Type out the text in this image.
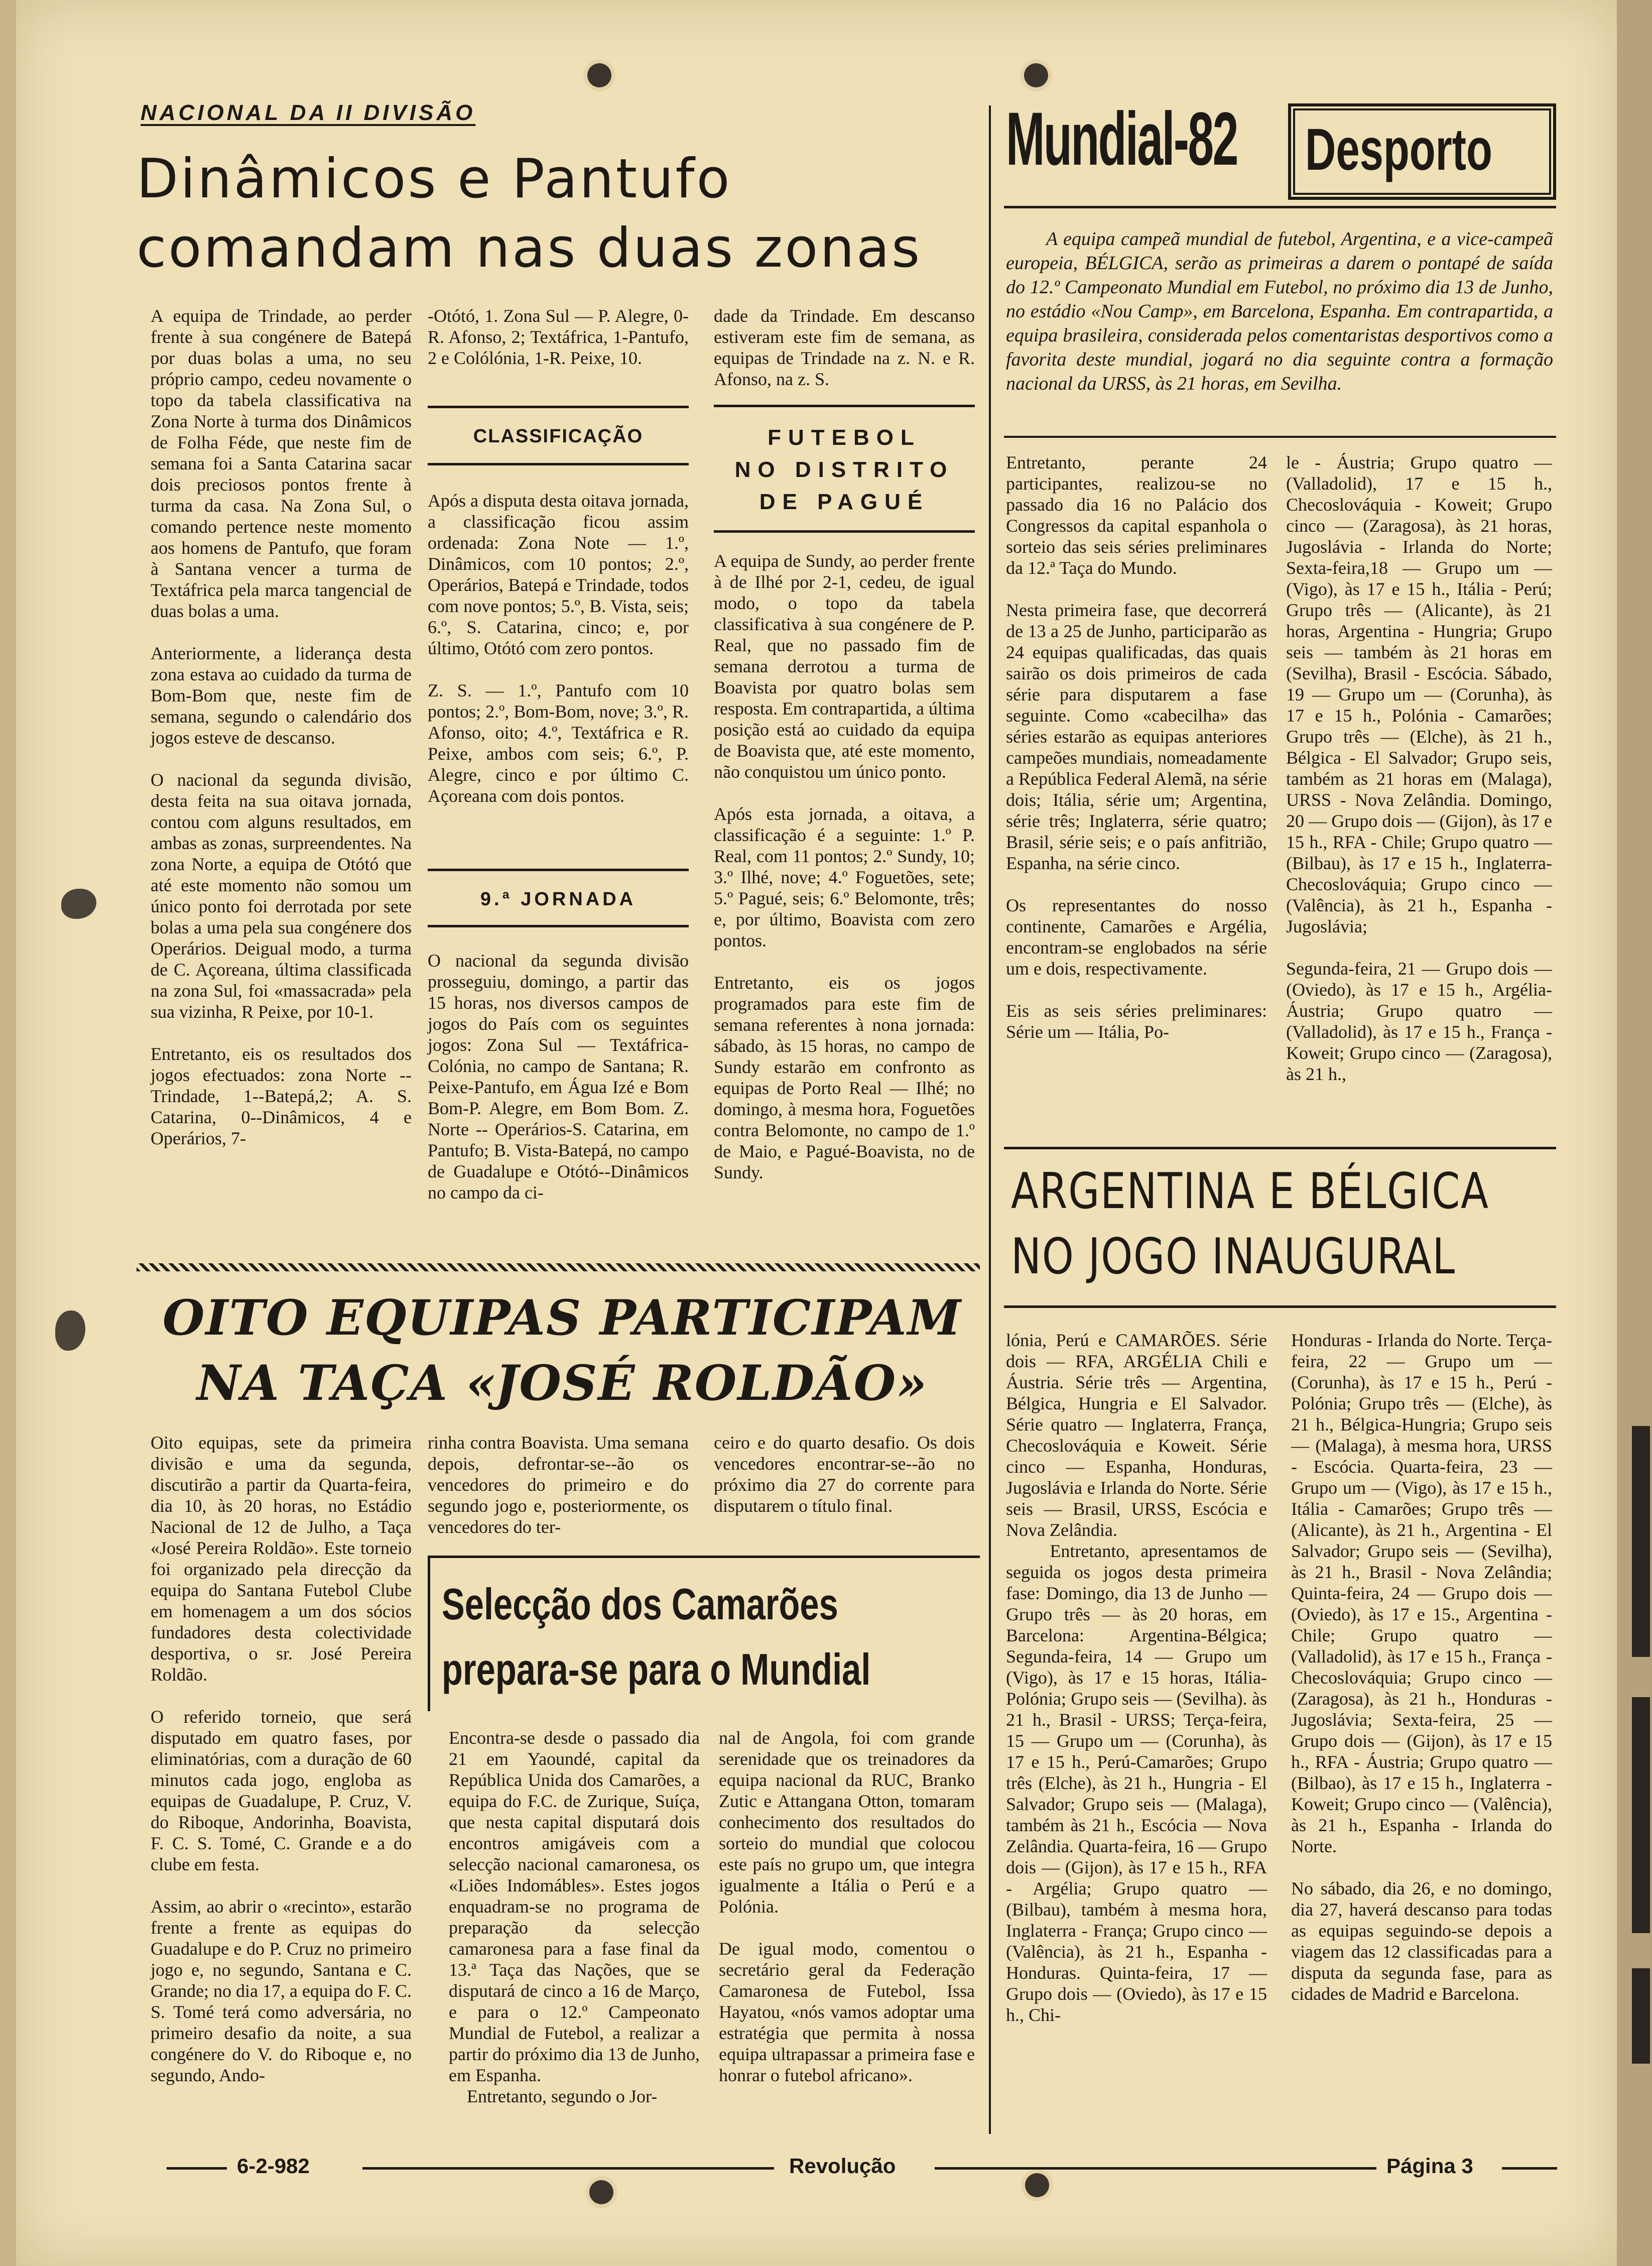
NACIONAL DA II DIVISÃO
Dinâmicos e Pantufo
comandam nas duas zonas
A equipa de Trindade, ao perder frente à sua congénere de Batepá por duas bolas a uma, no seu próprio campo, cedeu novamente o topo da tabela classificativa na Zona Norte à turma dos Dinâmicos de Folha Féde, que neste fim de semana foi a Santa Catarina sacar dois preciosos pontos frente à turma da casa. Na Zona Sul, o comando pertence neste momento aos homens de Pantufo, que foram à Santana vencer a turma de Textáfrica pela marca tangencial de duas bolas a uma.

Anteriormente, a liderança desta zona estava ao cuidado da turma de Bom-Bom que, neste fim de semana, segundo o calendário dos jogos esteve de descanso.

O nacional da segunda divisão, desta feita na sua oitava jornada, contou com alguns resultados, em ambas as zonas, surpreendentes. Na zona Norte, a equipa de Otótó que até este momento não somou um único ponto foi derrotada por sete bolas a uma pela sua congénere dos Operários. Deigual modo, a turma de C. Açoreana, última classificada na zona Sul, foi «massacrada» pela sua vizinha, R Peixe, por 10-1.

Entretanto, eis os resultados dos jogos efectuados: zona Norte -- Trindade, 1--Batepá,2; A. S. Catarina, 0--Dinâmicos, 4 e Operários, 7-
-Otótó, 1. Zona Sul — P. Alegre, 0-R. Afonso, 2; Textáfrica, 1-Pantufo, 2 e Colólónia, 1-R. Peixe, 10.
CLASSIFICAÇÃO
Após a disputa desta oitava jornada, a classificação ficou assim ordenada: Zona Note — 1.º, Dinâmicos, com 10 pontos; 2.º, Operários, Batepá e Trindade, todos com nove pontos; 5.º, B. Vista, seis; 6.º, S. Catarina, cinco; e, por último, Otótó com zero pontos.

Z. S. — 1.º, Pantufo com 10 pontos; 2.º, Bom-Bom, nove; 3.º, R. Afonso, oito; 4.º, Textáfrica e R. Peixe, ambos com seis; 6.º, P. Alegre, cinco e por último C. Açoreana com dois pontos.
9.ª JORNADA
O nacional da segunda divisão prosseguiu, domingo, a partir das 15 horas, nos diversos campos de jogos do País com os seguintes jogos: Zona Sul — Textáfrica-Colónia, no campo de Santana; R. Peixe-Pantufo, em Água Izé e Bom Bom-P. Alegre, em Bom Bom. Z. Norte -- Operários-S. Catarina, em Pantufo; B. Vista-Batepá, no campo de Guadalupe e Otótó--Dinâmicos no campo da ci-
dade da Trindade. Em descanso estiveram este fim de semana, as equipas de Trindade na z. N. e R. Afonso, na z. S.
FUTEBOL
NO DISTRITO
DE PAGUÉ
A equipa de Sundy, ao perder frente à de Ilhé por 2-1, cedeu, de igual modo, o topo da tabela classificativa à sua congénere de P. Real, que no passado fim de semana derrotou a turma de Boavista por quatro bolas sem resposta. Em contrapartida, a última posição está ao cuidado da equipa de Boavista que, até este momento, não conquistou um único ponto.

Após esta jornada, a oitava, a classificação é a seguinte: 1.º P. Real, com 11 pontos; 2.º Sundy, 10; 3.º Ilhé, nove; 4.º Foguetões, sete; 5.º Pagué, seis; 6.º Belomonte, três; e, por último, Boavista com zero pontos.

Entretanto, eis os jogos programados para este fim de semana referentes à nona jornada: sábado, às 15 horas, no campo de Sundy estarão em confronto as equipas de Porto Real — Ilhé; no domingo, à mesma hora, Foguetões contra Belomonte, no campo de 1.º de Maio, e Pagué-Boavista, no de Sundy.
OITO EQUIPAS PARTICIPAM
NA TAÇA «JOSÉ ROLDÃO»
Oito equipas, sete da primeira divisão e uma da segunda, discutirão a partir da Quarta-feira, dia 10, às 20 horas, no Estádio Nacional de 12 de Julho, a Taça «José Pereira Roldão». Este torneio foi organizado pela direcção da equipa do Santana Futebol Clube em homenagem a um dos sócios fundadores desta colectividade desportiva, o sr. José Pereira Roldão.

O referido torneio, que será disputado em quatro fases, por eliminatórias, com a duração de 60 minutos cada jogo, engloba as equipas de Guadalupe, P. Cruz, V. do Riboque, Andorinha, Boavista, F. C. S. Tomé, C. Grande e a do clube em festa.

Assim, ao abrir o «recinto», estarão frente a frente as equipas do Guadalupe e do P. Cruz no primeiro jogo e, no segundo, Santana e C. Grande; no dia 17, a equipa do F. C. S. Tomé terá como adversária, no primeiro desafio da noite, a sua congénere do V. do Riboque e, no segundo, Ando-
rinha contra Boavista. Uma semana depois, defrontar-se--ão os vencedores do primeiro e do segundo jogo e, posteriormente, os vencedores do ter-
ceiro e do quarto desafio. Os dois vencedores encontrar-se--ão no próximo dia 27 do corrente para disputarem o título final.
Selecção dos Camarões
prepara-se para o Mundial
Encontra-se desde o passado dia 21 em Yaoundé, capital da República Unida dos Camarões, a equipa do F.C. de Zurique, Suíça, que nesta capital disputará dois encontros amigáveis com a selecção nacional camaronesa, os «Liões Indomábles». Estes jogos enquadram-se no programa de preparação da selecção camaronesa para a fase final da 13.ª Taça das Nações, que se disputará de cinco a 16 de Março, e para o 12.º Campeonato Mundial de Futebol, a realizar a partir do próximo dia 13 de Junho, em Espanha.
Entretanto, segundo o Jor-
nal de Angola, foi com grande serenidade que os treinadores da equipa nacional da RUC, Branko Zutic e Attangana Otton, tomaram conhecimento dos resultados do sorteio do mundial que colocou este país no grupo um, que integra igualmente a Itália o Perú e a Polónia.

De igual modo, comentou o secretário geral da Federação Camaronesa de Futebol, Issa Hayatou, «nós vamos adoptar uma estratégia que permita à nossa equipa ultrapassar a primeira fase e honrar o futebol africano».
Mundial-82 Desporto
A equipa campeã mundial de futebol, Argentina, e a vice-campeã europeia, BÉLGICA, serão as primeiras a darem o pontapé de saída do 12.º Campeonato Mundial em Futebol, no próximo dia 13 de Junho, no estádio «Nou Camp», em Barcelona, Espanha. Em contrapartida, a equipa brasileira, considerada pelos comentaristas desportivos como a favorita deste mundial, jogará no dia seguinte contra a formação nacional da URSS, às 21 horas, em Sevilha.
Entretanto, perante 24 participantes, realizou-se no passado dia 16 no Palácio dos Congressos da capital espanhola o sorteio das seis séries preliminares da 12.ª Taça do Mundo.

Nesta primeira fase, que decorrerá de 13 a 25 de Junho, participarão as 24 equipas qualificadas, das quais sairão os dois primeiros de cada série para disputarem a fase seguinte. Como «cabecilha» das séries estarão as equipas anteriores campeões mundiais, nomeadamente a República Federal Alemã, na série dois; Itália, série um; Argentina, série três; Inglaterra, série quatro; Brasil, série seis; e o país anfitrião, Espanha, na série cinco.

Os representantes do nosso continente, Camarões e Argélia, encontram-se englobados na série um e dois, respectivamente.

Eis as seis séries preliminares: Série um — Itália, Po-
le - Áustria; Grupo quatro — (Valladolid), 17 e 15 h., Checoslováquia - Koweit; Grupo cinco — (Zaragosa), às 21 horas, Jugoslávia - Irlanda do Norte; Sexta-feira,18 — Grupo um — (Vigo), às 17 e 15 h., Itália - Perú; Grupo três — (Alicante), às 21 horas, Argentina - Hungria; Grupo seis — também às 21 horas em (Sevilha), Brasil - Escócia. Sábado, 19 — Grupo um — (Corunha), às 17 e 15 h., Polónia - Camarões; Grupo três — (Elche), às 21 h., Bélgica - El Salvador; Grupo seis, também as 21 horas em (Malaga), URSS - Nova Zelândia. Domingo, 20 — Grupo dois — (Gijon), às 17 e 15 h., RFA - Chile; Grupo quatro — (Bilbau), às 17 e 15 h., Inglaterra-Checoslováquia; Grupo cinco — (Valência), às 21 h., Espanha - Jugoslávia;

Segunda-feira, 21 — Grupo dois — (Oviedo), às 17 e 15 h., Argélia-Áustria; Grupo quatro — (Valladolid), às 17 e 15 h., França - Koweit; Grupo cinco — (Zaragosa), às 21 h.,
ARGENTINA E BÉLGICA
NO JOGO INAUGURAL
lónia, Perú e CAMARÕES. Série dois — RFA, ARGÉLIA Chili e Áustria. Série três — Argentina, Bélgica, Hungria e El Salvador. Série quatro — Inglaterra, França, Checoslováquia e Koweit. Série cinco — Espanha, Honduras, Jugoslávia e Irlanda do Norte. Série seis — Brasil, URSS, Escócia e Nova Zelândia.
Entretanto, apresentamos de seguida os jogos desta primeira fase: Domingo, dia 13 de Junho — Grupo três — às 20 horas, em Barcelona: Argentina-Bélgica; Segunda-feira, 14 — Grupo um (Vigo), às 17 e 15 horas, Itália-Polónia; Grupo seis — (Sevilha). às 21 h., Brasil - URSS; Terça-feira, 15 — Grupo um — (Corunha), às 17 e 15 h., Perú-Camarões; Grupo três (Elche), às 21 h., Hungria - El Salvador; Grupo seis — (Malaga), também às 21 h., Escócia — Nova Zelândia. Quarta-feira, 16 — Grupo dois — (Gijon), às 17 e 15 h., RFA - Argélia; Grupo quatro — (Bilbau), também à mesma hora, Inglaterra - França; Grupo cinco — (Valência), às 21 h., Espanha - Honduras. Quinta-feira, 17 — Grupo dois — (Oviedo), às 17 e 15 h., Chi-
Honduras - Irlanda do Norte. Terça-feira, 22 — Grupo um — (Corunha), às 17 e 15 h., Perú - Polónia; Grupo três — (Elche), às 21 h., Bélgica-Hungria; Grupo seis — (Malaga), à mesma hora, URSS - Escócia. Quarta-feira, 23 — Grupo um — (Vigo), às 17 e 15 h., Itália - Camarões; Grupo três — (Alicante), às 21 h., Argentina - El Salvador; Grupo seis — (Sevilha), às 21 h., Brasil - Nova Zelândia; Quinta-feira, 24 — Grupo dois — (Oviedo), às 17 e 15., Argentina - Chile; Grupo quatro — (Valladolid), às 17 e 15 h., França - Checoslováquia; Grupo cinco — (Zaragosa), às 21 h., Honduras - Jugoslávia; Sexta-feira, 25 — Grupo dois — (Gijon), às 17 e 15 h., RFA - Áustria; Grupo quatro — (Bilbao), às 17 e 15 h., Inglaterra - Koweit; Grupo cinco — (Valência), às 21 h., Espanha - Irlanda do Norte.

No sábado, dia 26, e no domingo, dia 27, haverá descanso para todas as equipas seguindo-se depois a viagem das 12 classificadas para a disputa da segunda fase, para as cidades de Madrid e Barcelona.
6-2-982	Revolução	Página 3
